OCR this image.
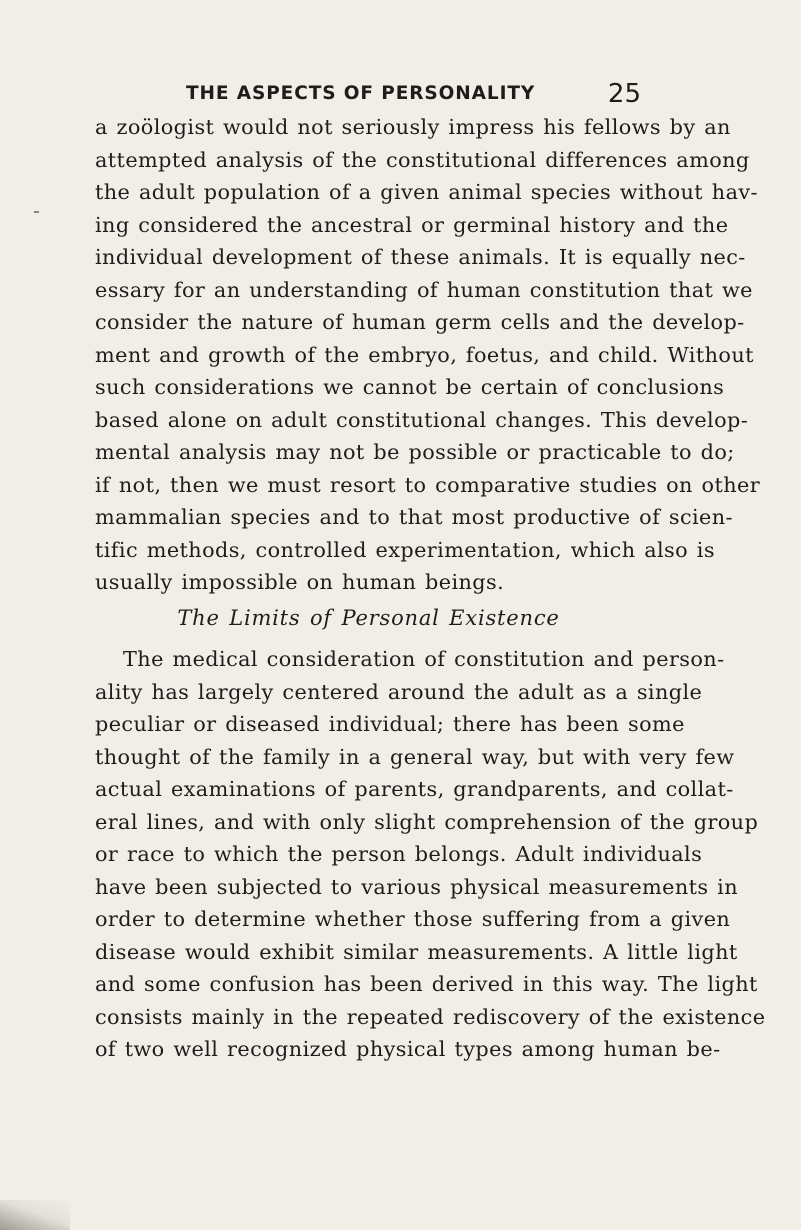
THE ASPECTS OF PERSONALITY	25
a zoölogist would not seriously impress his fellows by an
attempted analysis of the constitutional differences among
the adult population of a given animal species without hav-
ing considered the ancestral or germinal history and the
individual development of these animals. It is equally nec-
essary for an understanding of human constitution that we
consider the nature of human germ cells and the develop-
ment and growth of the embryo, foetus, and child. Without
such considerations we cannot be certain of conclusions
based alone on adult constitutional changes. This develop-
mental analysis may not be possible or practicable to do;
if not, then we must resort to comparative studies on other
mammalian species and to that most productive of scien-
tific methods, controlled experimentation, which also is
usually impossible on human beings.
The Limits of Personal Existence
The medical consideration of constitution and person-
ality has largely centered around the adult as a single
peculiar or diseased individual; there has been some
thought of the family in a general way, but with very few
actual examinations of parents, grandparents, and collat-
eral lines, and with only slight comprehension of the group
or race to which the person belongs. Adult individuals
have been subjected to various physical measurements in
order to determine whether those suffering from a given
disease would exhibit similar measurements. A little light
and some confusion has been derived in this way. The light
consists mainly in the repeated rediscovery of the existence
of two well recognized physical types among human be-
